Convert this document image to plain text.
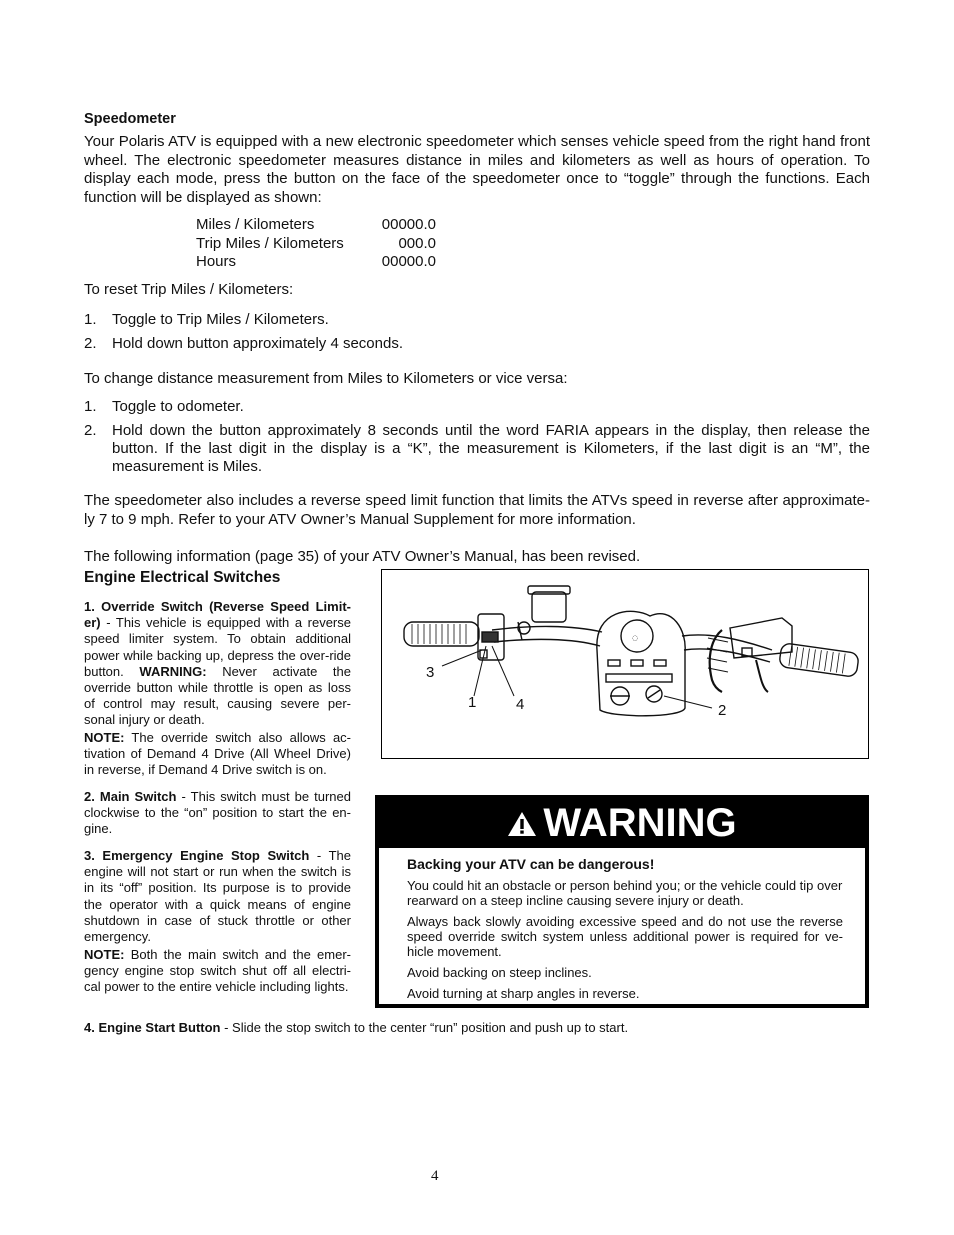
Speedometer
Your Polaris ATV is equipped with a new electronic speedometer which senses vehicle speed from the right hand front wheel. The electronic speedometer measures distance in miles and kilometers as well as hours of operation. To display each mode, press the button on the face of the speedometer once to “toggle” through the functions. Each function will be displayed as shown:
Miles / Kilometers	00000.0
Trip Miles / Kilometers	000.0
Hours	00000.0
To reset Trip Miles / Kilometers:
1. Toggle to Trip Miles / Kilometers.
2. Hold down button approximately 4 seconds.
To change distance measurement from Miles to Kilometers or vice versa:
1. Toggle to odometer.
2. Hold down the button approximately 8 seconds until the word FARIA appears in the display, then release the button. If the last digit in the display is a “K”, the measurement is Kilometers, if the last digit is an “M”, the measurement is Miles.
The speedometer also includes a reverse speed limit function that limits the ATVs speed in reverse after approximate-ly 7 to 9 mph. Refer to your ATV Owner’s Manual Supplement for more information.
The following information (page 35) of your ATV Owner’s Manual, has been revised.
Engine Electrical Switches
1. Override Switch (Reverse Speed Limit-er) - This vehicle is equipped with a reverse speed limiter system. To obtain additional power while backing up, depress the over-ride button. WARNING: Never activate the override button while throttle is open as loss of control may result, causing severe per-sonal injury or death.
NOTE: The override switch also allows ac-tivation of Demand 4 Drive (All Wheel Drive) in reverse, if Demand 4 Drive switch is on.
2. Main Switch - This switch must be turned clockwise to the “on” position to start the en-gine.
3. Emergency Engine Stop Switch - The engine will not start or run when the switch is in its “off” position. Its purpose is to provide the operator with a quick means of engine shutdown in case of stuck throttle or other emergency.
NOTE: Both the main switch and the emer-gency engine stop switch shut off all electri-cal power to the entire vehicle including lights.
4. Engine Start Button - Slide the stop switch to the center “run” position and push up to start.
◌
3
1	4	2
WARNING
Backing your ATV can be dangerous!
You could hit an obstacle or person behind you; or the vehicle could tip over rearward on a steep incline causing severe injury or death.
Always back slowly avoiding excessive speed and do not use the reverse speed override switch system unless additional power is required for ve-hicle movement.
Avoid backing on steep inclines.
Avoid turning at sharp angles in reverse.
4
